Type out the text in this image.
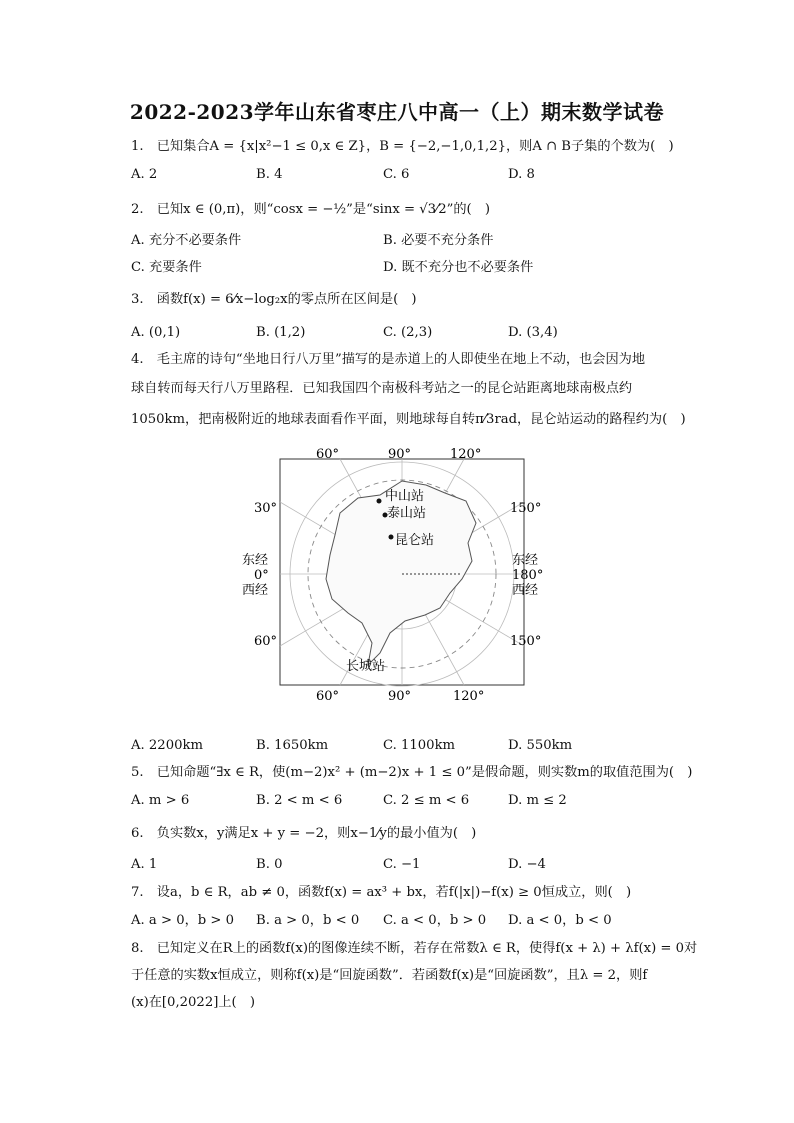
2022-2023学年山东省枣庄八中高一（上）期末数学试卷
1.　已知集合A = {x|x²−1 ≤ 0,x ∈ Z}，B = {−2,−1,0,1,2}，则A ∩ B子集的个数为(　)
A. 2	B. 4	C. 6	D. 8
2.　已知x ∈ (0,π)，则“cosx = −½”是“sinx = √3⁄2”的(　)
A. 充分不必要条件	B. 必要不充分条件
C. 充要条件	D. 既不充分也不必要条件
3.　函数f(x) = 6⁄x−log₂x的零点所在区间是(　)
A. (0,1)	B. (1,2)	C. (2,3)	D. (3,4)
4.　毛主席的诗句“坐地日行八万里”描写的是赤道上的人即使坐在地上不动，也会因为地
球自转而每天行八万里路程．已知我国四个南极科考站之一的昆仑站距离地球南极点约
1050km，把南极附近的地球表面看作平面，则地球每自转π⁄3rad，昆仑站运动的路程约为(　)
中山站
泰山站
昆仑站
长城站
60°	90°	120°
60°	90°	120°
30°
东经
0°
西经
60°
150°
东经
180°
西经
150°
A. 2200km	B. 1650km	C. 1100km	D. 550km
5.　已知命题“∃x ∈ R，使(m−2)x² + (m−2)x + 1 ≤ 0”是假命题，则实数m的取值范围为(　)
A. m > 6	B. 2 < m < 6	C. 2 ≤ m < 6	D. m ≤ 2
6.　负实数x，y满足x + y = −2，则x−1⁄y的最小值为(　)
A. 1	B. 0	C. −1	D. −4
7.　设a，b ∈ R，ab ≠ 0，函数f(x) = ax³ + bx，若f(|x|)−f(x) ≥ 0恒成立，则(　)
A. a > 0，b > 0 B. a > 0，b < 0 C. a < 0，b > 0 D. a < 0，b < 0
8.　已知定义在R上的函数f(x)的图像连续不断，若存在常数λ ∈ R，使得f(x + λ) + λf(x) = 0对
于任意的实数x恒成立，则称f(x)是“回旋函数”．若函数f(x)是“回旋函数”，且λ = 2，则f
(x)在[0,2022]上(　)
